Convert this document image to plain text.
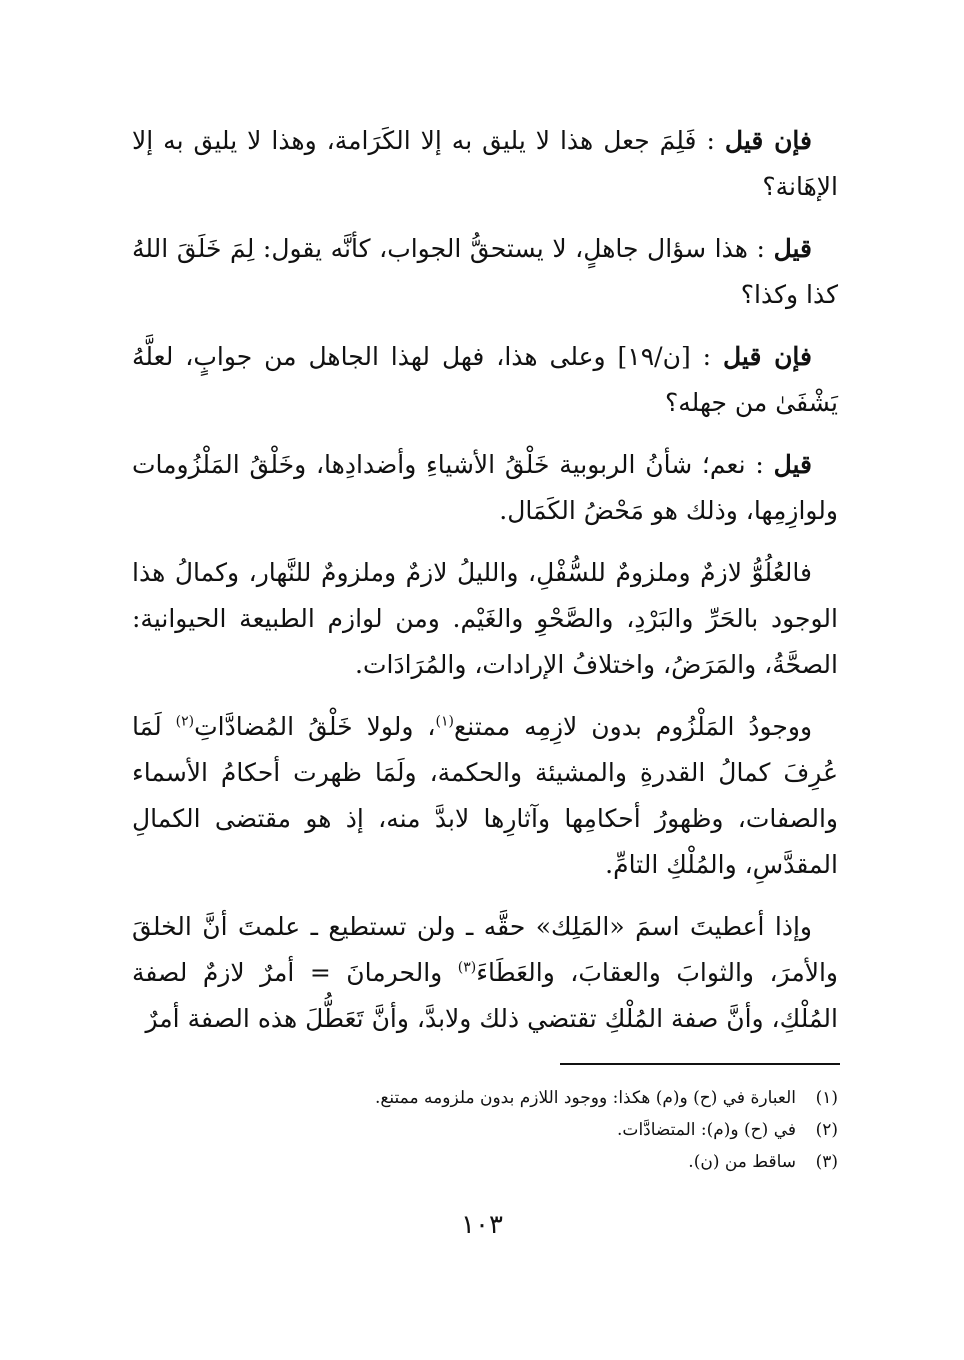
فإن قيل : فَلِمَ جعل هذا لا يليق به إلا الكَرَامة، وهذا لا يليق به إلا الإهَانة؟

قيل : هذا سؤال جاهلٍ، لا يستحقُّ الجواب، كأنَّه يقول: لِمَ خَلَقَ اللهُ كذا وكذا؟

فإن قيل : [ن/١٩] وعلى هذا، فهل لهذا الجاهل من جوابٍ، لعلَّهُ يَشْفَىٰ من جهله؟

قيل : نعم؛ شأنُ الربوبية خَلْقُ الأشياءِ وأضدادِها، وخَلْقُ المَلْزُومات ولوازِمِها، وذلك هو مَحْضُ الكَمَال.

فالعُلُوُّ لازمٌ وملزومٌ للسُّفْلِ، والليلُ لازمٌ وملزومٌ للنَّهار، وكمالُ هذا الوجود بالحَرِّ والبَرْدِ، والصَّحْوِ والغَيْم. ومن لوازم الطبيعة الحيوانية: الصحَّةُ، والمَرَضُ، واختلافُ الإرادات، والمُرَادَات.

ووجودُ المَلْزُوم بدون لازِمِه ممتنع$^{(١)}$، ولولا خَلْقُ المُضادَّاتِ$^{(٢)}$ لَمَا عُرِفَ كمالُ القدرةِ والمشيئة والحكمة، ولَمَا ظهرت أحكامُ الأسماء والصفات، وظهورُ أحكامِها وآثارِها لابدَّ منه، إذ هو مقتضى الكمالِ المقدَّسِ، والمُلْكِ التامِّ.

وإذا أعطيتَ اسمَ «المَلِك» حقَّه ـ ولن تستطيع ـ علمتَ أنَّ الخلقَ والأمرَ، والثوابَ والعقابَ، والعَطَاءَ$^{(٣)}$ والحرمانَ = أمرٌ لازمٌ لصفة المُلْكِ، وأنَّ صفة المُلْكِ تقتضي ذلك ولابدَّ، وأنَّ تَعَطُّلَ هذه الصفة أمرٌ

(١)العبارة في (ح) و(م) هكذا: ووجود اللازم بدون ملزومه ممتنع.

(٢)في (ح) و(م): المتضادَّات.

(٣)ساقط من (ن).

١٠٣
